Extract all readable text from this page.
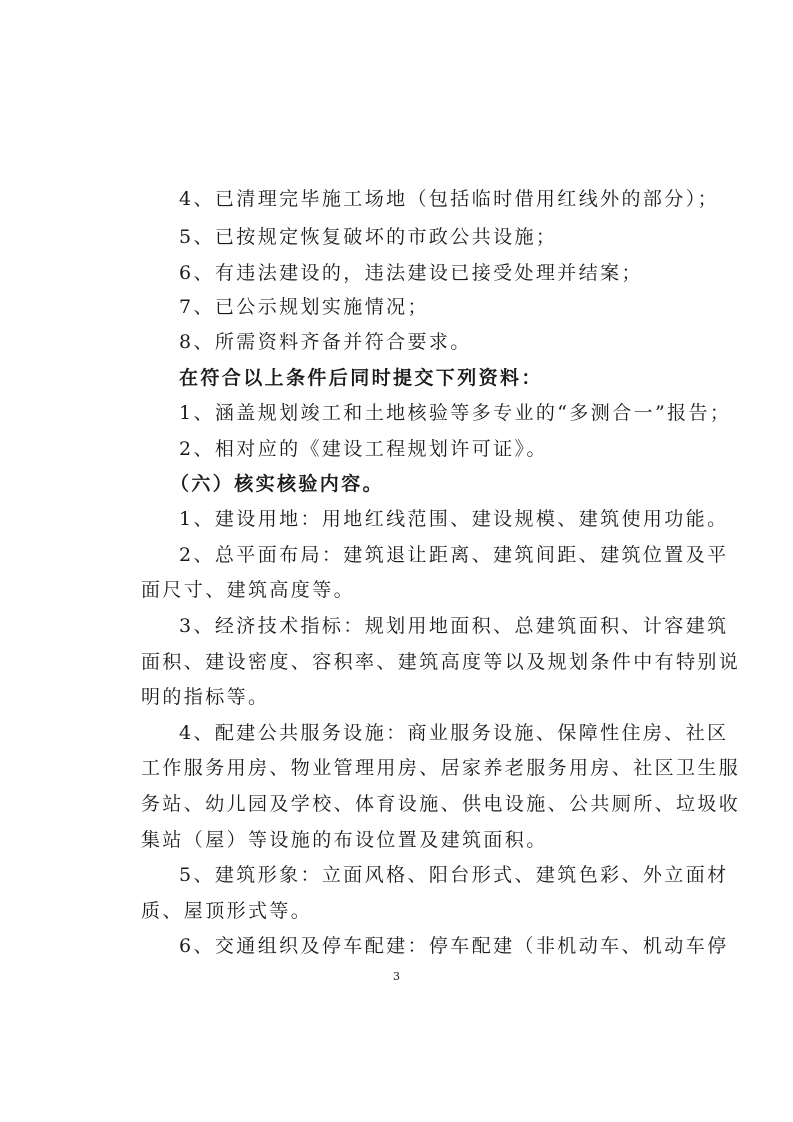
4、已清理完毕施工场地（包括临时借用红线外的部分）；
5、已按规定恢复破坏的市政公共设施；
6、有违法建设的，违法建设已接受处理并结案；
7、已公示规划实施情况；
8、所需资料齐备并符合要求。
在符合以上条件后同时提交下列资料：
1、涵盖规划竣工和土地核验等多专业的“多测合一”报告；
2、相对应的《建设工程规划许可证》。
（六）核实核验内容。
1、建设用地：用地红线范围、建设规模、建筑使用功能。
2、总平面布局：建筑退让距离、建筑间距、建筑位置及平
面尺寸、建筑高度等。
3、经济技术指标：规划用地面积、总建筑面积、计容建筑
面积、建设密度、容积率、建筑高度等以及规划条件中有特别说
明的指标等。
4、配建公共服务设施：商业服务设施、保障性住房、社区
工作服务用房、物业管理用房、居家养老服务用房、社区卫生服
务站、幼儿园及学校、体育设施、供电设施、公共厕所、垃圾收
集站（屋）等设施的布设位置及建筑面积。
5、建筑形象：立面风格、阳台形式、建筑色彩、外立面材
质、屋顶形式等。
6、交通组织及停车配建：停车配建（非机动车、机动车停
3
